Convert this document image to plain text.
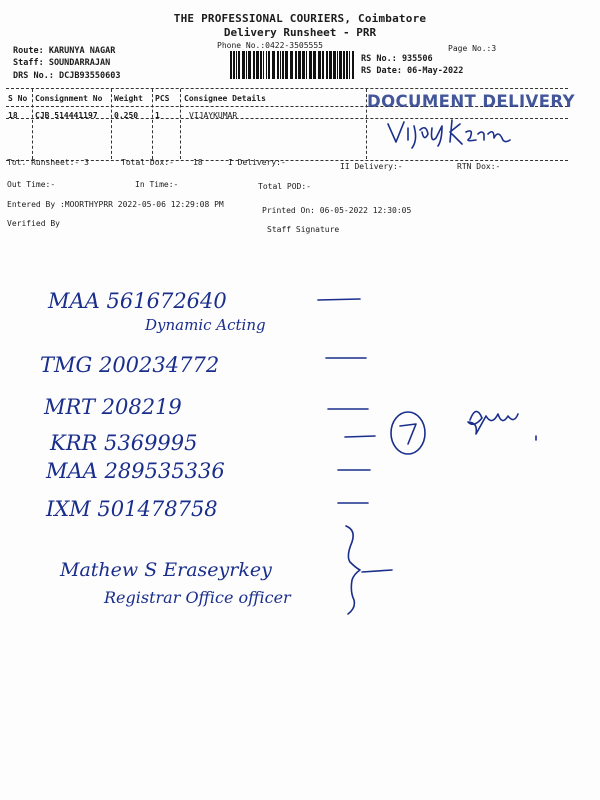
THE PROFESSIONAL COURIERS, Coimbatore
Delivery Runsheet - PRR
Phone No.:0422-3505555	Page No.:3
Route: KARUNYA NAGAR
Staff: SOUNDARRAJAN
DRS No.: DCJB93550603
RS No.: 935506
RS Date: 06-May-2022
S No Consignment No Weight PCS Consignee Details
18 CJB 514441197 0.250 1	VIJAYKUMAR
DOCUMENT DELIVERY
Tot. Runsheet:- 3	Total Dox:- 18	I Delivery:-	II Delivery:-	RTN Dox:-
Out Time:-	In Time:-	Total POD:-
Entered By :MOORTHYPRR 2022-05-06 12:29:08 PM
Printed On: 06-05-2022 12:30:05
Verified By
Staff Signature
MAA 561672640
Dynamic Acting
TMG 200234772
MRT 208219
KRR 5369995
MAA 289535336
IXM 501478758
Mathew S Eraseyrkey
Registrar Office officer
